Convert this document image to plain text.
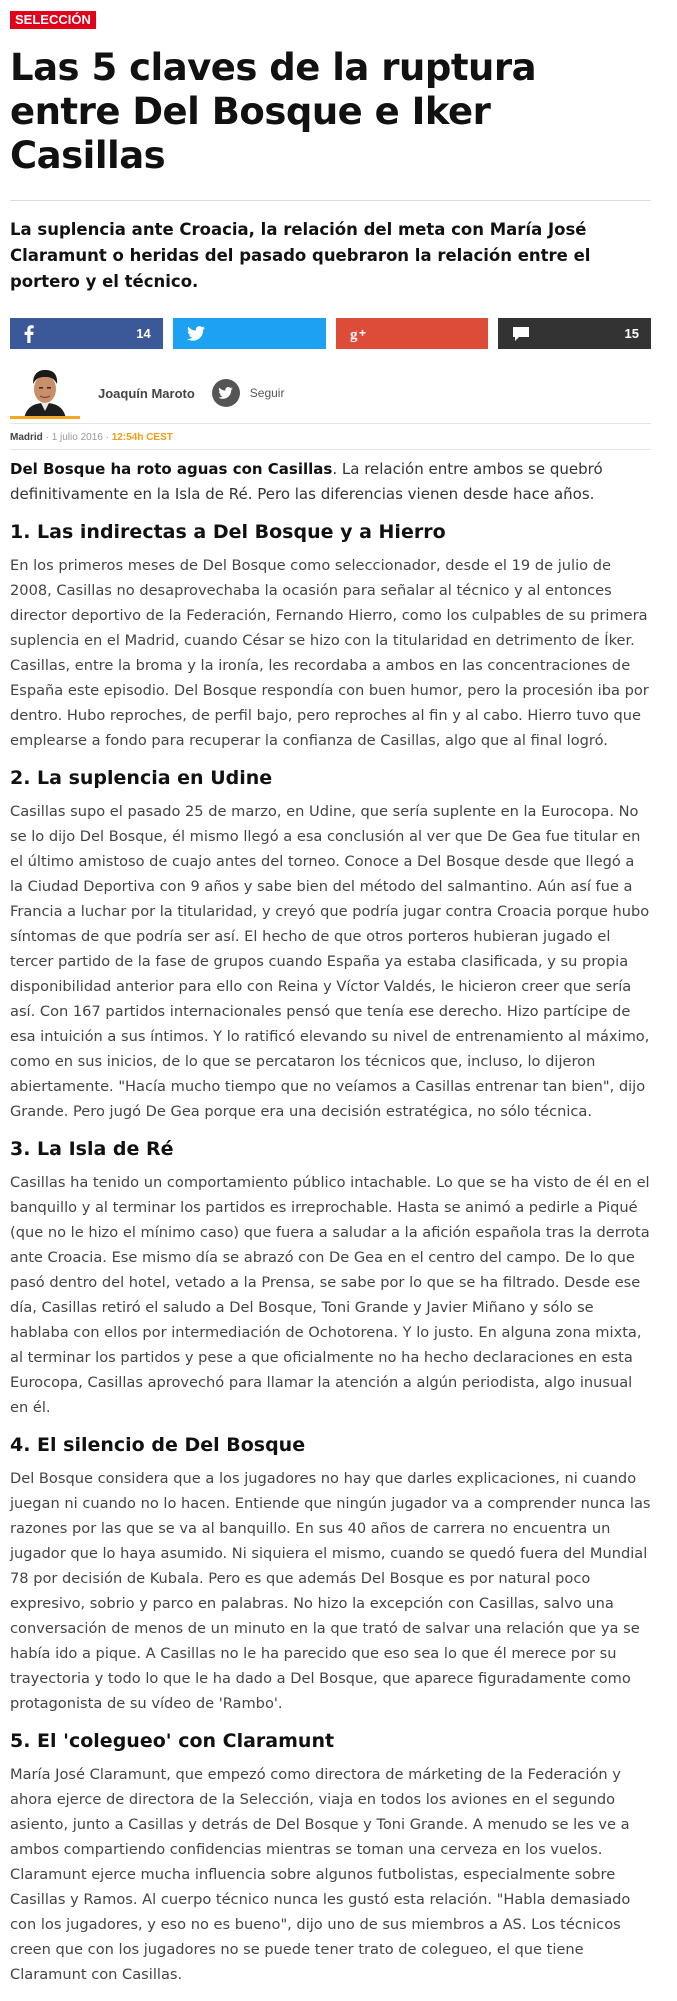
SELECCIÓN
Las 5 claves de la ruptura entre Del Bosque e Iker Casillas

La suplencia ante Croacia, la relación del meta con María José Claramunt o heridas del pasado quebraron la relación entre el portero y el técnico.

14	g +	15
Joaquín Maroto	Seguir
Madrid · 1 julio 2016 · 12:54h CEST

Del Bosque ha roto aguas con Casillas. La relación entre ambos se quebró definitivamente en la Isla de Ré. Pero las diferencias vienen desde hace años.

1. Las indirectas a Del Bosque y a Hierro

En los primeros meses de Del Bosque como seleccionador, desde el 19 de julio de 2008, Casillas no desaprovechaba la ocasión para señalar al técnico y al entonces director deportivo de la Federación, Fernando Hierro, como los culpables de su primera suplencia en el Madrid, cuando César se hizo con la titularidad en detrimento de Íker. Casillas, entre la broma y la ironía, les recordaba a ambos en las concentraciones de España este episodio. Del Bosque respondía con buen humor, pero la procesión iba por dentro. Hubo reproches, de perfil bajo, pero reproches al fin y al cabo. Hierro tuvo que emplearse a fondo para recuperar la confianza de Casillas, algo que al final logró.

2. La suplencia en Udine

Casillas supo el pasado 25 de marzo, en Udine, que sería suplente en la Eurocopa. No se lo dijo Del Bosque, él mismo llegó a esa conclusión al ver que De Gea fue titular en el último amistoso de cuajo antes del torneo. Conoce a Del Bosque desde que llegó a la Ciudad Deportiva con 9 años y sabe bien del método del salmantino. Aún así fue a Francia a luchar por la titularidad, y creyó que podría jugar contra Croacia porque hubo síntomas de que podría ser así. El hecho de que otros porteros hubieran jugado el tercer partido de la fase de grupos cuando España ya estaba clasificada, y su propia disponibilidad anterior para ello con Reina y Víctor Valdés, le hicieron creer que sería así. Con 167 partidos internacionales pensó que tenía ese derecho. Hizo partícipe de esa intuición a sus íntimos. Y lo ratificó elevando su nivel de entrenamiento al máximo, como en sus inicios, de lo que se percataron los técnicos que, incluso, lo dijeron abiertamente. "Hacía mucho tiempo que no veíamos a Casillas entrenar tan bien", dijo Grande. Pero jugó De Gea porque era una decisión estratégica, no sólo técnica.

3. La Isla de Ré

Casillas ha tenido un comportamiento público intachable. Lo que se ha visto de él en el banquillo y al terminar los partidos es irreprochable. Hasta se animó a pedirle a Piqué (que no le hizo el mínimo caso) que fuera a saludar a la afición española tras la derrota ante Croacia. Ese mismo día se abrazó con De Gea en el centro del campo. De lo que pasó dentro del hotel, vetado a la Prensa, se sabe por lo que se ha filtrado. Desde ese día, Casillas retiró el saludo a Del Bosque, Toni Grande y Javier Miñano y sólo se hablaba con ellos por intermediación de Ochotorena. Y lo justo. En alguna zona mixta, al terminar los partidos y pese a que oficialmente no ha hecho declaraciones en esta Eurocopa, Casillas aprovechó para llamar la atención a algún periodista, algo inusual en él.

4. El silencio de Del Bosque

Del Bosque considera que a los jugadores no hay que darles explicaciones, ni cuando juegan ni cuando no lo hacen. Entiende que ningún jugador va a comprender nunca las razones por las que se va al banquillo. En sus 40 años de carrera no encuentra un jugador que lo haya asumido. Ni siquiera el mismo, cuando se quedó fuera del Mundial 78 por decisión de Kubala. Pero es que además Del Bosque es por natural poco expresivo, sobrio y parco en palabras. No hizo la excepción con Casillas, salvo una conversación de menos de un minuto en la que trató de salvar una relación que ya se había ido a pique. A Casillas no le ha parecido que eso sea lo que él merece por su trayectoria y todo lo que le ha dado a Del Bosque, que aparece figuradamente como protagonista de su vídeo de 'Rambo'.

5. El 'colegueo' con Claramunt

María José Claramunt, que empezó como directora de márketing de la Federación y ahora ejerce de directora de la Selección, viaja en todos los aviones en el segundo asiento, junto a Casillas y detrás de Del Bosque y Toni Grande. A menudo se les ve a ambos compartiendo confidencias mientras se toman una cerveza en los vuelos. Claramunt ejerce mucha influencia sobre algunos futbolistas, especialmente sobre Casillas y Ramos. Al cuerpo técnico nunca les gustó esta relación. "Habla demasiado con los jugadores, y eso no es bueno", dijo uno de sus miembros a AS. Los técnicos creen que con los jugadores no se puede tener trato de colegueo, el que tiene Claramunt con Casillas.
